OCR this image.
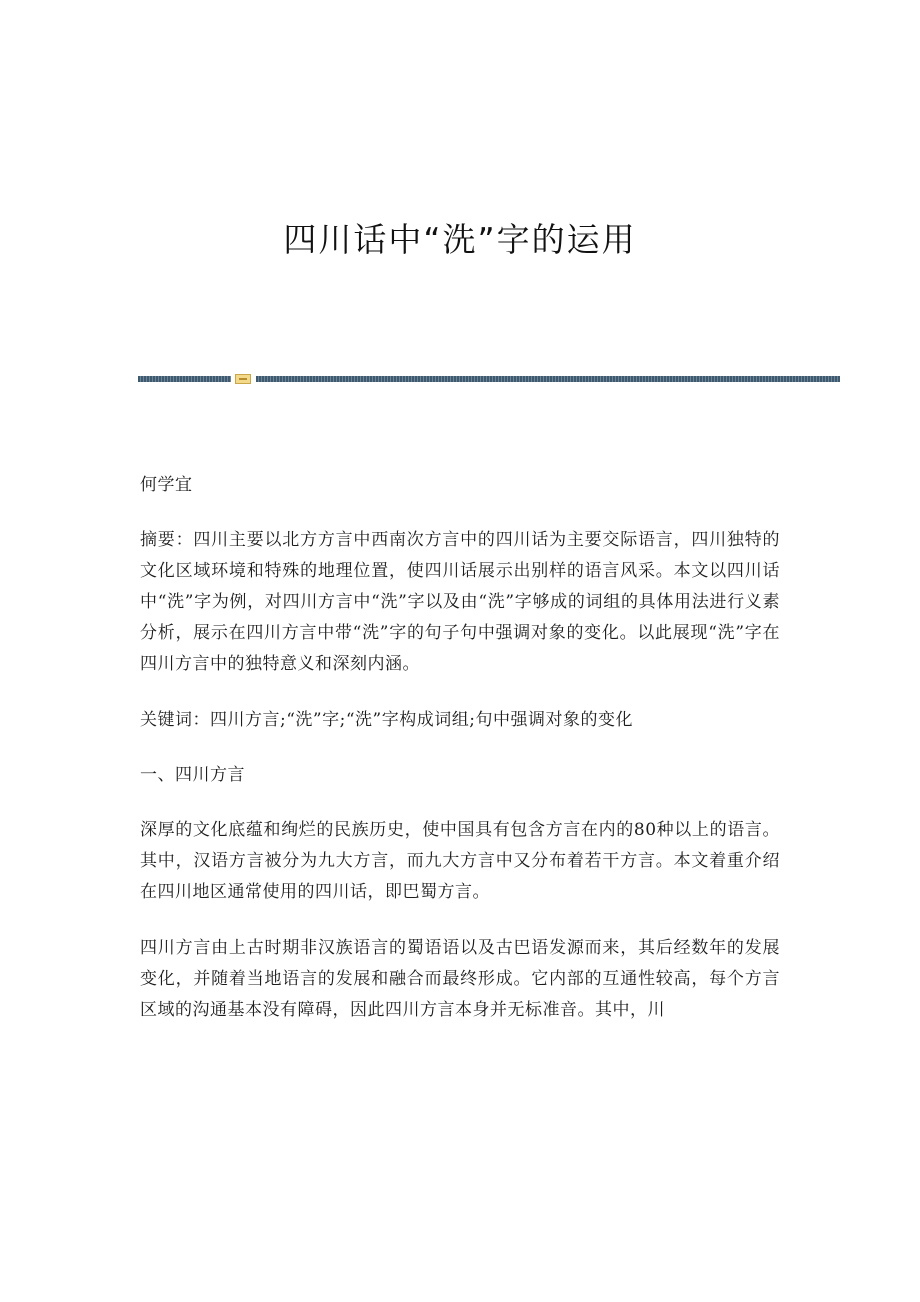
四川话中“洗”字的运用

何学宜

摘要：四川主要以北方方言中西南次方言中的四川话为主要交际语言，四川独特的文化区域环境和特殊的地理位置，使四川话展示出别样的语言风采。本文以四川话中“洗”字为例，对四川方言中“洗”字以及由“洗”字够成的词组的具体用法进行义素分析，展示在四川方言中带“洗”字的句子句中强调对象的变化。以此展现“洗”字在四川方言中的独特意义和深刻内涵。

关键词：四川方言;“洗”字;“洗”字构成词组;句中强调对象的变化

一、四川方言

深厚的文化底蕴和绚烂的民族历史，使中国具有包含方言在内的80种以上的语言。其中，汉语方言被分为九大方言，而九大方言中又分布着若干方言。本文着重介绍在四川地区通常使用的四川话，即巴蜀方言。

四川方言由上古时期非汉族语言的蜀语语以及古巴语发源而来，其后经数年的发展变化，并随着当地语言的发展和融合而最终形成。它内部的互通性较高，每个方言区域的沟通基本没有障碍，因此四川方言本身并无标准音。其中，川
